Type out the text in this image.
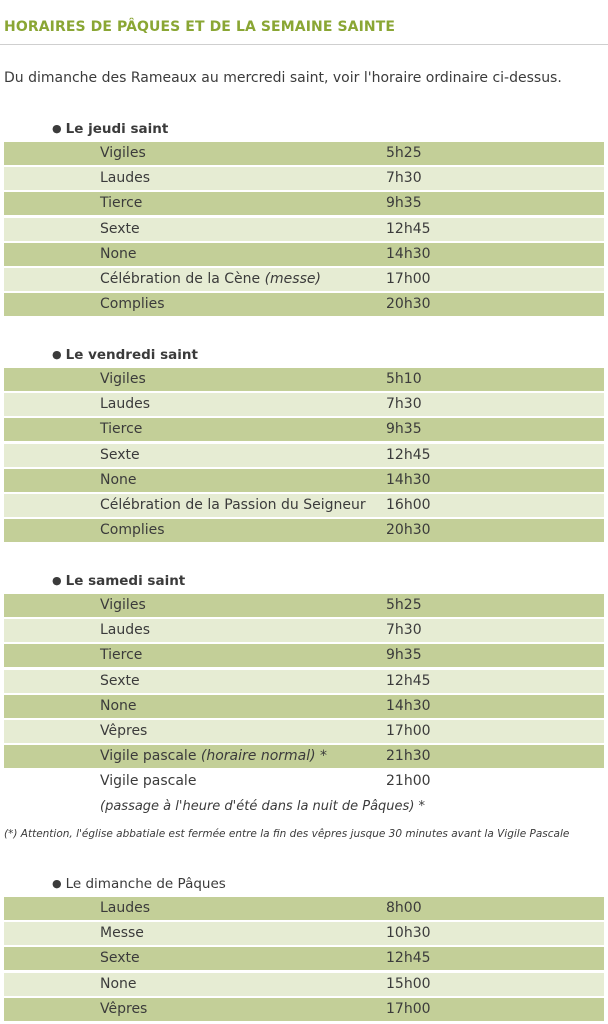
HORAIRES DE PÂQUES ET DE LA SEMAINE SAINTE
Du dimanche des Rameaux au mercredi saint, voir l'horaire ordinaire ci-dessus.
● Le jeudi saint
Vigiles	5h25
Laudes	7h30
Tierce	9h35
Sexte	12h45
None	14h30
Célébration de la Cène (messe)	17h00
Complies	20h30
● Le vendredi saint
Vigiles	5h10
Laudes	7h30
Tierce	9h35
Sexte	12h45
None	14h30
Célébration de la Passion du Seigneur 16h00
Complies	20h30
● Le samedi saint
Vigiles	5h25
Laudes	7h30
Tierce	9h35
Sexte	12h45
None	14h30
Vêpres	17h00
Vigile pascale (horaire normal) *	21h30
Vigile pascale	21h00
(passage à l'heure d'été dans la nuit de Pâques) *
(*) Attention, l'église abbatiale est fermée entre la fin des vêpres jusque 30 minutes avant la Vigile Pascale
● Le dimanche de Pâques
Laudes	8h00
Messe	10h30
Sexte	12h45
None	15h00
Vêpres	17h00
